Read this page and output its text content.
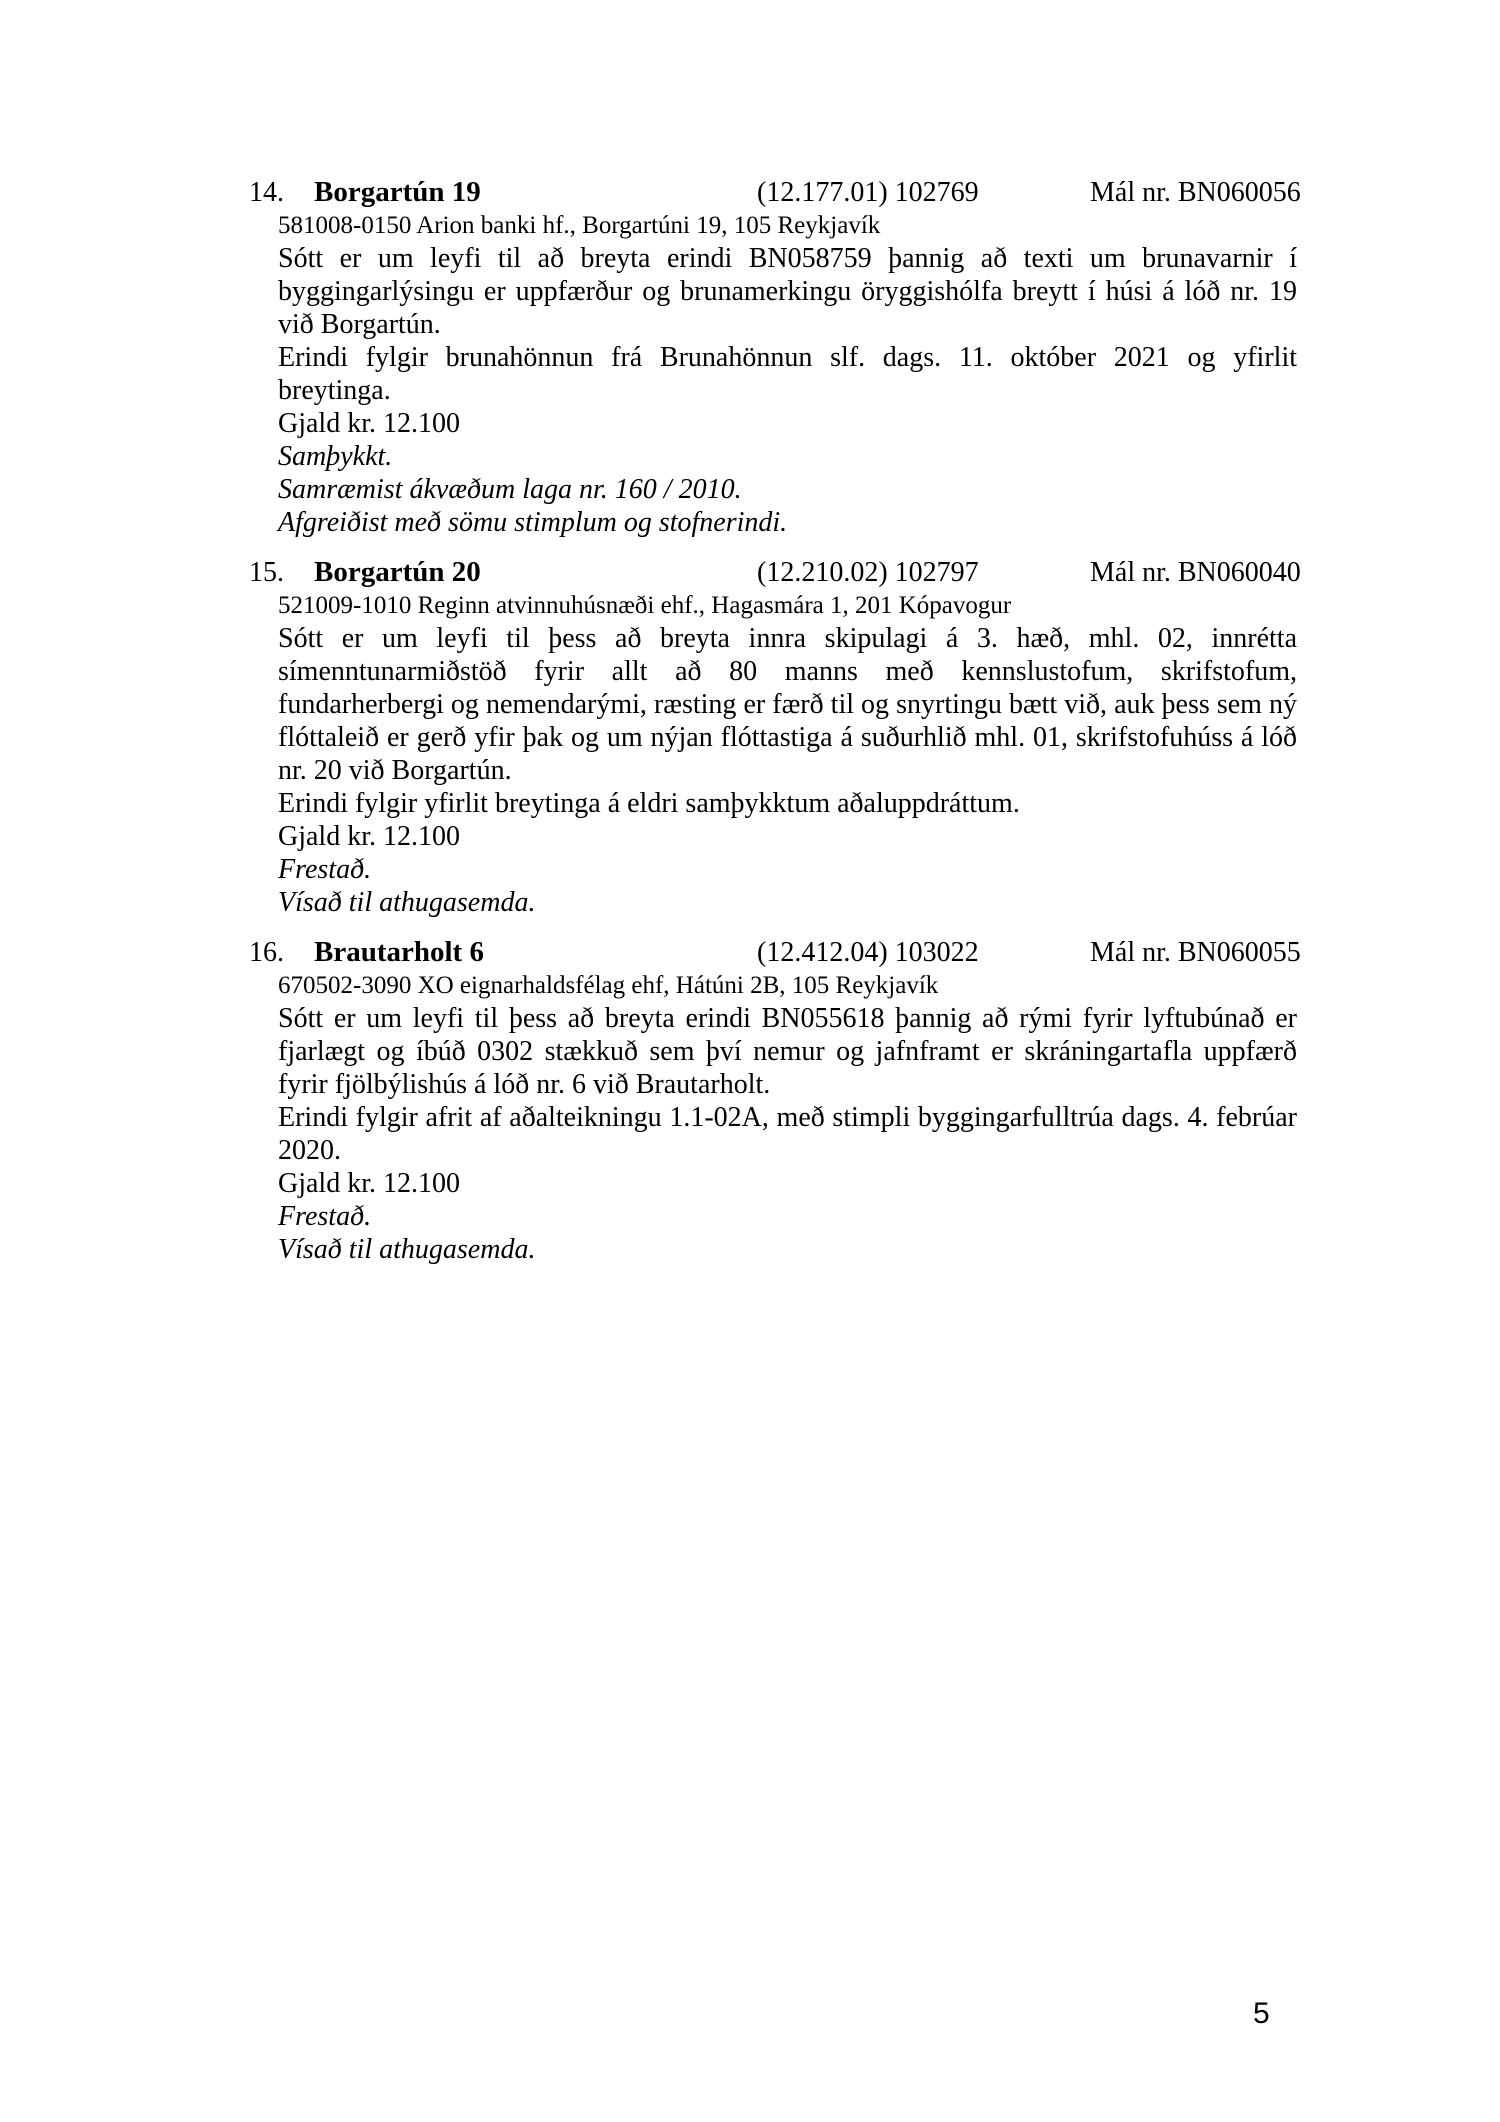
14. Borgartún 19	(12.177.01) 102769	Mál nr. BN060056
581008-0150 Arion banki hf., Borgartúni 19, 105 Reykjavík

Sótt er um leyfi til að breyta erindi BN058759 þannig að texti um brunavarnir í byggingarlýsingu er uppfærður og brunamerkingu öryggishólfa breytt í húsi á lóð nr. 19 við Borgartún.

Erindi fylgir brunahönnun frá Brunahönnun slf. dags. 11. október 2021 og yfirlit breytinga.

Gjald kr. 12.100
Samþykkt.
Samræmist ákvæðum laga nr. 160 / 2010.
Afgreiðist með sömu stimplum og stofnerindi.
15. Borgartún 20	(12.210.02) 102797	Mál nr. BN060040
521009-1010 Reginn atvinnuhúsnæði ehf., Hagasmára 1, 201 Kópavogur

Sótt er um leyfi til þess að breyta innra skipulagi á 3. hæð, mhl. 02, innrétta símenntunarmiðstöð fyrir allt að 80 manns með kennslustofum, skrifstofum, fundarherbergi og nemendarými, ræsting er færð til og snyrtingu bætt við, auk þess sem ný flóttaleið er gerð yfir þak og um nýjan flóttastiga á suðurhlið mhl. 01, skrifstofuhúss á lóð nr. 20 við Borgartún.

Erindi fylgir yfirlit breytinga á eldri samþykktum aðaluppdráttum.

Gjald kr. 12.100
Frestað.
Vísað til athugasemda.
16. Brautarholt 6	(12.412.04) 103022	Mál nr. BN060055
670502-3090 XO eignarhaldsfélag ehf, Hátúni 2B, 105 Reykjavík

Sótt er um leyfi til þess að breyta erindi BN055618 þannig að rými fyrir lyftubúnað er fjarlægt og íbúð 0302 stækkuð sem því nemur og jafnframt er skráningartafla uppfærð fyrir fjölbýlishús á lóð nr. 6 við Brautarholt.

Erindi fylgir afrit af aðalteikningu 1.1-02A, með stimpli byggingarfulltrúa dags. 4. febrúar 2020.

Gjald kr. 12.100
Frestað.
Vísað til athugasemda.
5
